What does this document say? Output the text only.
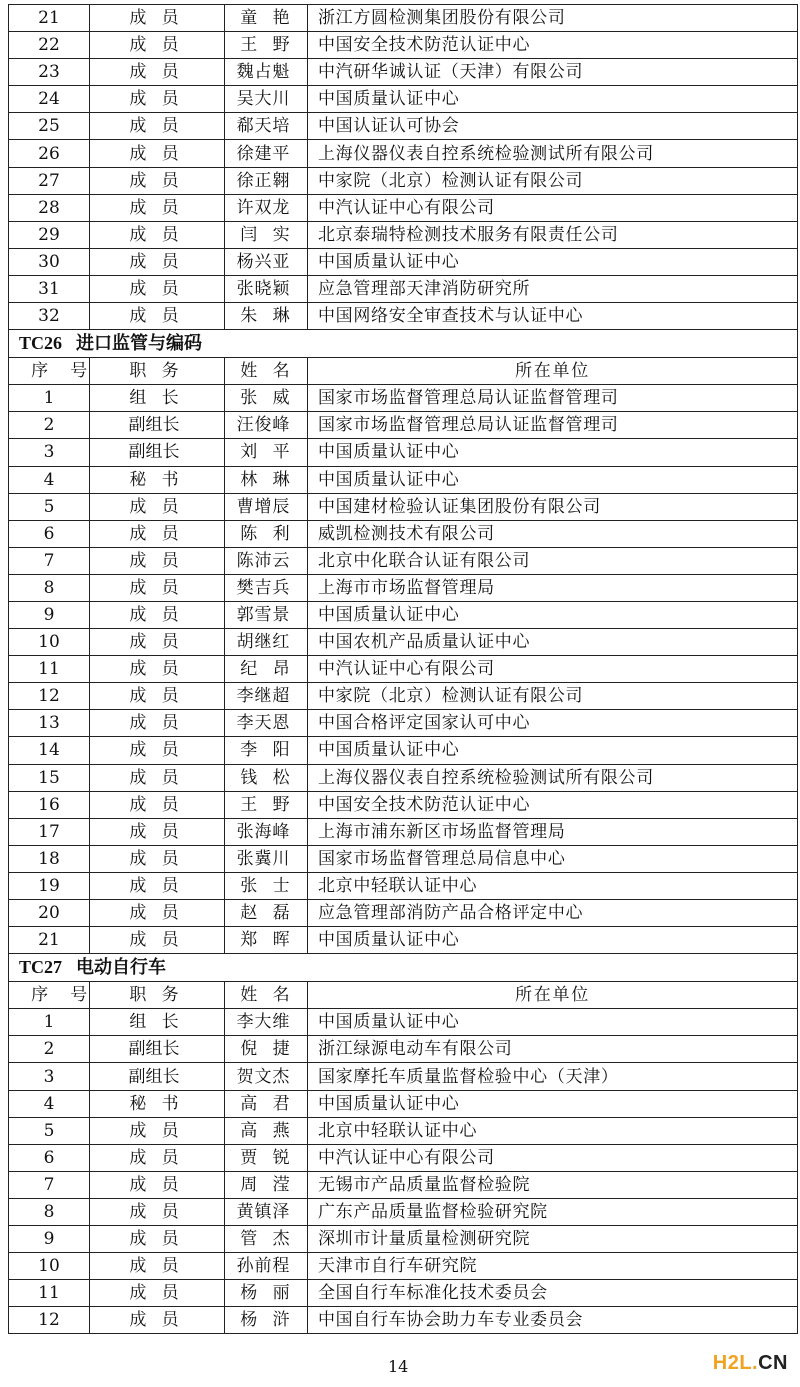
21	成员	童艳	浙江方圆检测集团股份有限公司
22	成员	王野	中国安全技术防范认证中心
23	成员	魏占魁	中汽研华诚认证（天津）有限公司
24	成员	吴大川	中国质量认证中心
25	成员	郗天培	中国认证认可协会
26	成员	徐建平	上海仪器仪表自控系统检验测试所有限公司
27	成员	徐正翱	中家院（北京）检测认证有限公司
28	成员	许双龙	中汽认证中心有限公司
29	成员	闫实	北京泰瑞特检测技术服务有限责任公司
30	成员	杨兴亚	中国质量认证中心
31	成员	张晓颖	应急管理部天津消防研究所
32	成员	朱琳	中国网络安全审查技术与认证中心
TC26 进口监管与编码			
序号	职务	姓名	所在单位
1	组长	张威	国家市场监督管理总局认证监督管理司
2	副组长	汪俊峰	国家市场监督管理总局认证监督管理司
3	副组长	刘平	中国质量认证中心
4	秘书	林琳	中国质量认证中心
5	成员	曹增辰	中国建材检验认证集团股份有限公司
6	成员	陈利	威凯检测技术有限公司
7	成员	陈沛云	北京中化联合认证有限公司
8	成员	樊吉兵	上海市市场监督管理局
9	成员	郭雪景	中国质量认证中心
10	成员	胡继红	中国农机产品质量认证中心
11	成员	纪昂	中汽认证中心有限公司
12	成员	李继超	中家院（北京）检测认证有限公司
13	成员	李天恩	中国合格评定国家认可中心
14	成员	李阳	中国质量认证中心
15	成员	钱松	上海仪器仪表自控系统检验测试所有限公司
16	成员	王野	中国安全技术防范认证中心
17	成员	张海峰	上海市浦东新区市场监督管理局
18	成员	张冀川	国家市场监督管理总局信息中心
19	成员	张士	北京中轻联认证中心
20	成员	赵磊	应急管理部消防产品合格评定中心
21	成员	郑晖	中国质量认证中心
TC27 电动自行车			
序号	职务	姓名	所在单位
1	组长	李大维	中国质量认证中心
2	副组长	倪捷	浙江绿源电动车有限公司
3	副组长	贺文杰	国家摩托车质量监督检验中心（天津）
4	秘书	高君	中国质量认证中心
5	成员	高燕	北京中轻联认证中心
6	成员	贾锐	中汽认证中心有限公司
7	成员	周滢	无锡市产品质量监督检验院
8	成员	黄镇泽	广东产品质量监督检验研究院
9	成员	管杰	深圳市计量质量检测研究院
10	成员	孙前程	天津市自行车研究院
11	成员	杨丽	全国自行车标准化技术委员会
12	成员	杨浒	中国自行车协会助力车专业委员会
14	H2L.CN
